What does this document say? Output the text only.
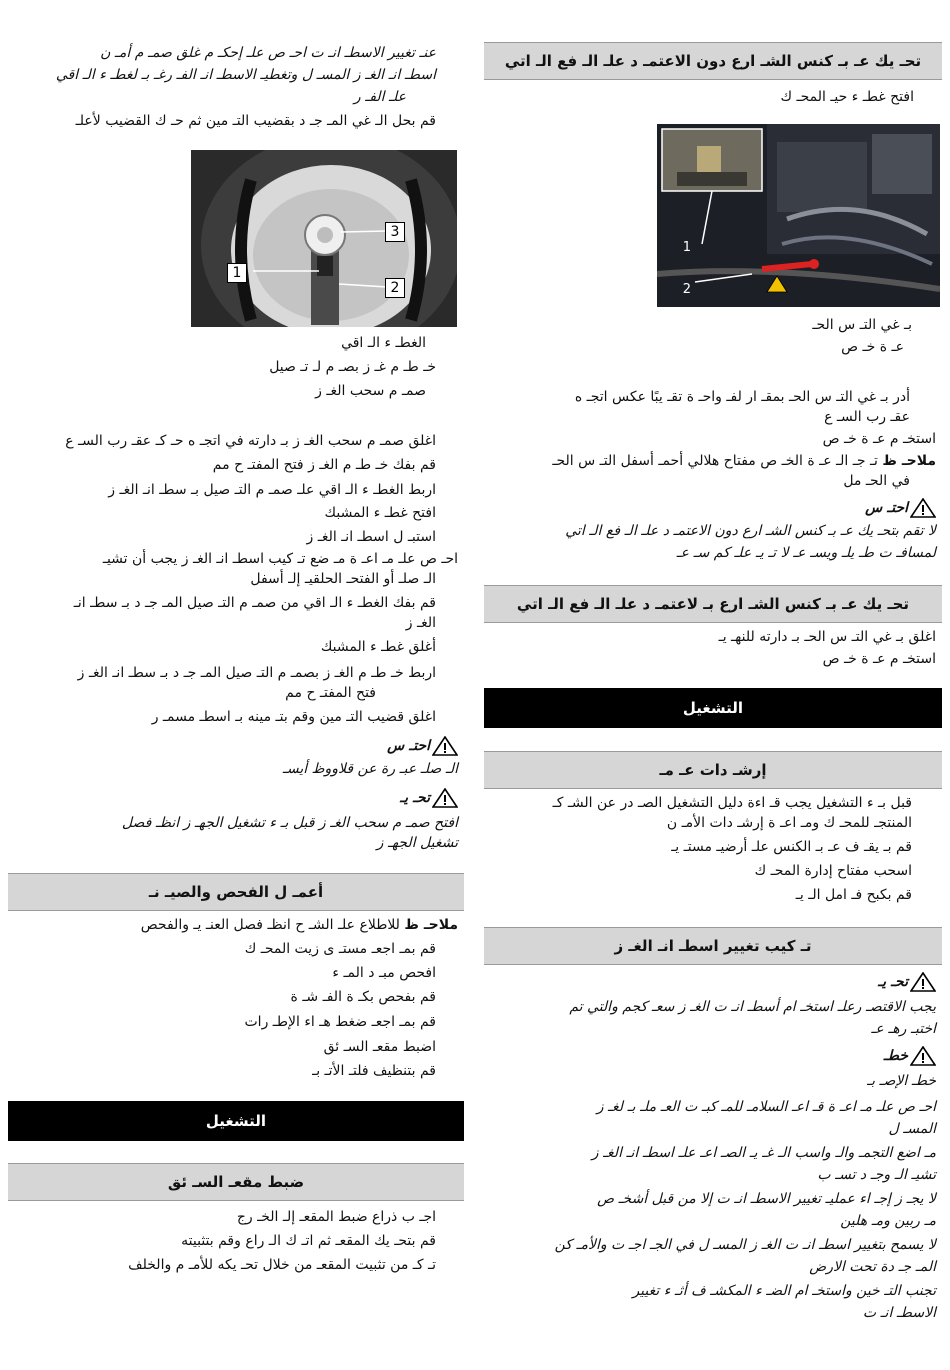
تحـ يك عـ بـ كنس الشـ ارع دون الاعتمـ د علـ الـ فع الـ اتي
افتح غطـ ء حيـ المحـ ك
1
2
بـ غي التـ س الحـ
عـ ة خـ ص
أدر بـ غي التـ س الحـ بمقـ ار لفـ واحـ ة تقـ يبًا عكس اتجـ ه
عقـ رب السـ ع
استخـ م عـ ة خـ ص
ملاحـ ظ تـ جـ الـ عـ ة الخـ ص مفتاح هلالي أحمـ أسفل التـ س الحـ
في الحـ مل
احتـ س
لا تقم بتحـ يك عـ بـ كنس الشـ ارع دون الاعتمـ د علـ الـ فع الـ اتي
لمسافـ ت طـ يلـ ويسـ عـ لا تـ يـ علـ كم سـ عـ
تحـ يك عـ بـ كنس الشـ ارع بـ لاعتمـ د علـ الـ فع الـ اتي
اغلق بـ غي التـ س الحـ بـ دارته للنهـ يـ
استخـ م عـ ة خـ ص
التشغيل
إرشـ دات عـ مـ
قبل بـ ء التشغيل يجب قـ اءة دليل التشغيل الصـ در عن الشـ كـ
المنتجـ للمحـ ك ومـ اعـ ة إرشـ دات الأمـ ن
قم بـ يقـ ف عـ بـ الكنس علـ أرضيـ مستـ يـ
اسحب مفتاح إدارة المحـ ك
قم بكبح فـ امل الـ يـ
تـ كيب تغيير اسطـ انـ الغـ ز
تحـ يـ
يجب الاقتصـ رعلـ استخـ ام أسطـ انـ ت الغـ ز سعـ كجم والتي تم
اختبـ رهـ عـ
خطـ
خطـ الإصـ بـ
احـ ص علـ مـ اعـ ة قـ اعـ السلامـ للمـ كبـ ت العـ ملـ بـ لغـ ز
المسـ ل
مـ اضع التجمـ والـ واسب الـ غـ يـ الصـ اعـ علـ اسطـ انـ الغـ ز
تشيـ الـ وجـ د تسـ ب
لا يجـ ز إجـ اء عمليـ تغيير الاسطـ انـ ت إلا من قبل أشخـ ص
مـ ربين ومـ هلين
لا يسمح بتغيير اسطـ انـ ت الغـ ز المسـ ل في الجـ اجـ ت والأمـ كن
المـ جـ دة تحت الارض
تجنب التـ خين واستخـ ام الضـ ء المكشـ ف أثـ ء تغيير
الاسطـ انـ ت
عنـ تغيير الاسطـ انـ ت احـ ص علـ إحكـ م غلق صمـ م أمـ ن
اسطـ انـ الغـ ز المسـ ل وتغطيـ الاسطـ انـ الفـ رغـ بـ لغطـ ء الـ اقي
علـ الفـ ر
قم بحل الـ غي المـ جـ د بقضيب التـ مين ثم حـ ك القضيب لأعلـ
1
2
3
الغطـ ء الـ اقي
خـ طـ م غـ ز بصـ م لـ تـ صيل
صمـ م سحب الغـ ز
اغلق صمـ م سحب الغـ ز بـ دارته في اتجـ ه حـ كـ عقـ رب السـ ع
قم بفك خـ طـ م الغـ ز فتح المفتـ ح مم
اربط الغطـ ء الـ اقي علـ صمـ م التـ صيل بـ سطـ انـ الغـ ز
افتح غطـ ء المشبك
استبـ ل اسطـ انـ الغـ ز
احـ ص علـ مـ اعـ ة مـ ضع تـ كيب اسطـ انـ الغـ ز يجب أن تشيـ
الـ صلـ أو الفتحـ الحلقيـ إلـ أسفل
قم بفك الغطـ ء الـ اقي من صمـ م التـ صيل المـ جـ د بـ سطـ انـ
الغـ ز
أغلق غطـ ء المشبك
اربط خـ طـ م الغـ ز بصمـ م التـ صيل المـ جـ د بـ سطـ انـ الغـ ز
فتح المفتـ ح مم
اغلق قضيب التـ مين وقم بتـ مينه بـ اسطـ مسمـ ر
احتـ س
الـ صلـ عبـ رة عن قلاووظ أيسـ
تحـ يـ
افتح صمـ م سحب الغـ ز قبل بـ ء تشغيل الجهـ ز انظـ فصل
تشغيل الجهـ ز
أعمـ ل الفحص والصيـ نـ
ملاحـ ظ للاطلاع علـ الشـ ح انظـ فصل العنـ يـ والفحص
قم بمـ اجعـ مستـ ى زيت المحـ ك
افحص مبـ د المـ ء
قم بفحص بكـ ة الفـ شـ ة
قم بمـ اجعـ ضغط هـ اء الإطـ رات
اضبط مقعـ السـ ئق
قم بتنظيف فلتـ الأتـ بـ
التشغيل
ضبط مقعـ السـ ئق
اجـ ب ذراع ضبط المقعـ إلـ الخـ رج
قم بتحـ يك المقعـ ثم اتـ ك الـ راع وقم بتثبيته
تـ كـ من تثبيت المقعـ من خلال تحـ يكه للأمـ م والخلف
